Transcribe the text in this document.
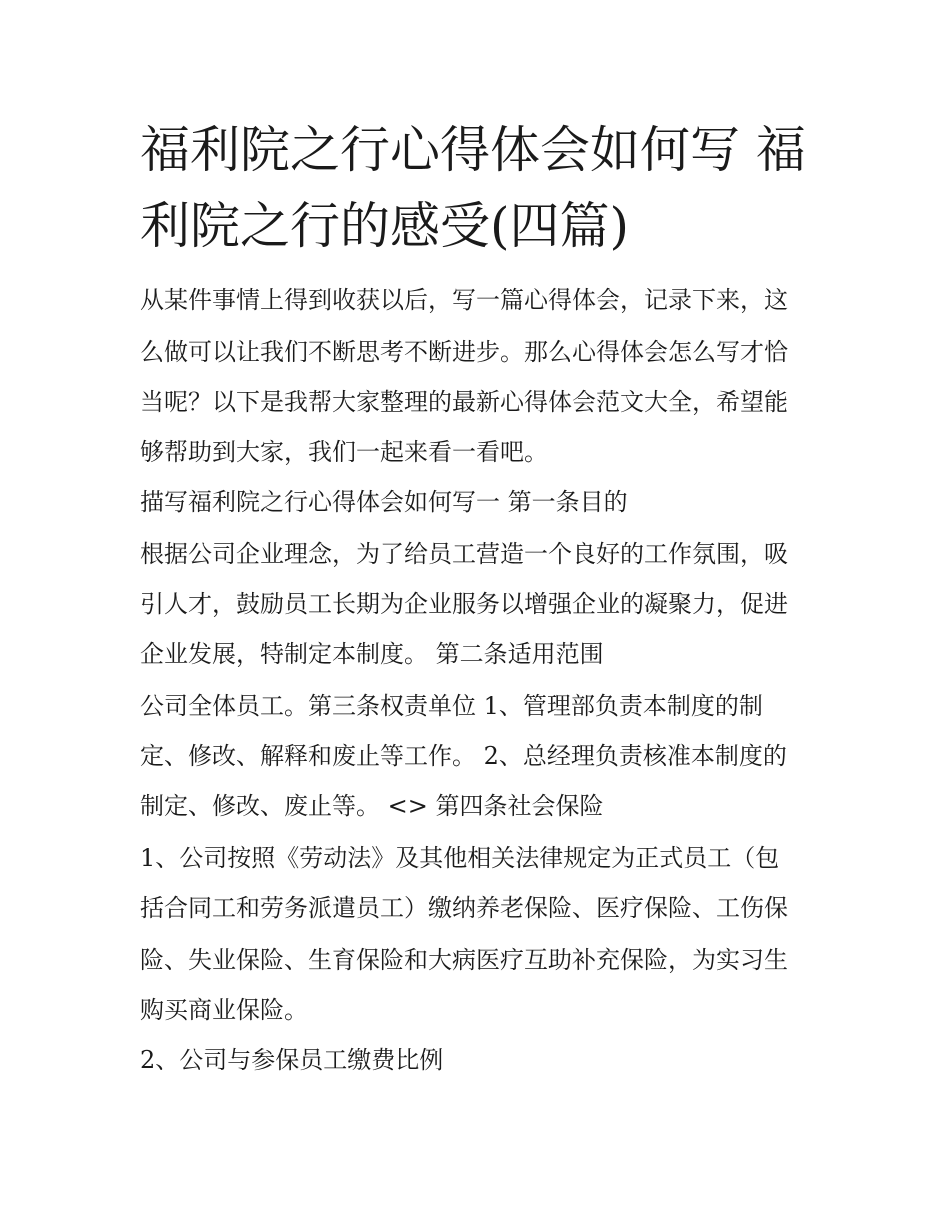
福利院之行心得体会如何写 福
利院之行的感受(四篇)

从某件事情上得到收获以后，写一篇心得体会，记录下来，这

么做可以让我们不断思考不断进步。那么心得体会怎么写才恰

当呢？以下是我帮大家整理的最新心得体会范文大全，希望能

够帮助到大家，我们一起来看一看吧。

描写福利院之行心得体会如何写一 第一条目的

根据公司企业理念，为了给员工营造一个良好的工作氛围，吸

引人才，鼓励员工长期为企业服务以增强企业的凝聚力，促进

企业发展，特制定本制度。 第二条适用范围

公司全体员工。第三条权责单位 1、管理部负责本制度的制

定、修改、解释和废止等工作。 2、总经理负责核准本制度的

制定、修改、废止等。 <> 第四条社会保险

1、公司按照《劳动法》及其他相关法律规定为正式员工（包

括合同工和劳务派遣员工）缴纳养老保险、医疗保险、工伤保

险、失业保险、生育保险和大病医疗互助补充保险，为实习生

购买商业保险。

2、公司与参保员工缴费比例
